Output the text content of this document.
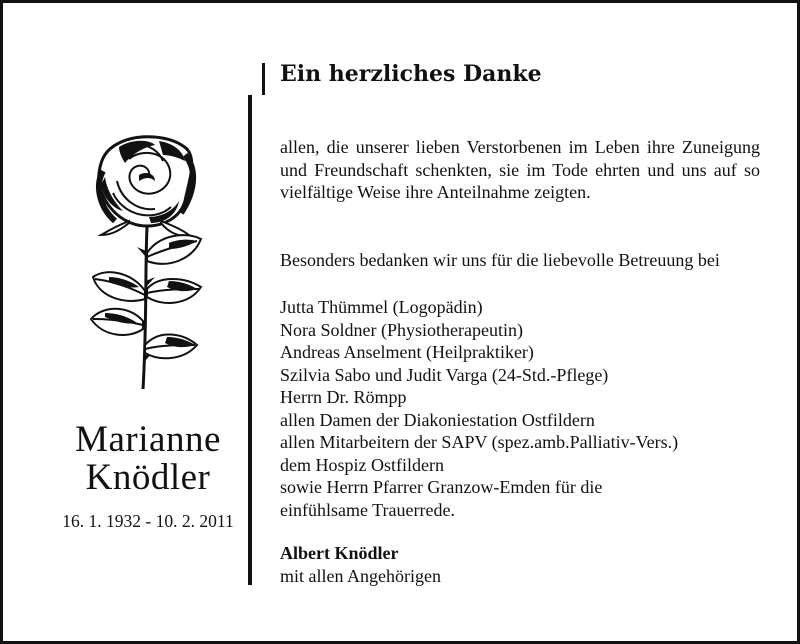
Marianne
Knödler
16. 1. 1932 - 10. 2. 2011
Ein herzliches Danke
allen, die unserer lieben Verstorbenen im Leben ihre Zuneigung und Freundschaft schenkten, sie im Tode ehrten und uns auf so vielfältige Weise ihre Anteilnahme zeigten.
Besonders bedanken wir uns für die liebevolle Betreuung bei
Jutta Thümmel (Logopädin)
Nora Soldner (Physiotherapeutin)
Andreas Anselment (Heilpraktiker)
Szilvia Sabo und Judit Varga (24-Std.-Pflege)
Herrn Dr. Römpp
allen Damen der Diakoniestation Ostfildern
allen Mitarbeitern der SAPV (spez.amb.Palliativ-Vers.)
dem Hospiz Ostfildern
sowie Herrn Pfarrer Granzow-Emden für die
einfühlsame Trauerrede.
Albert Knödler
mit allen Angehörigen
